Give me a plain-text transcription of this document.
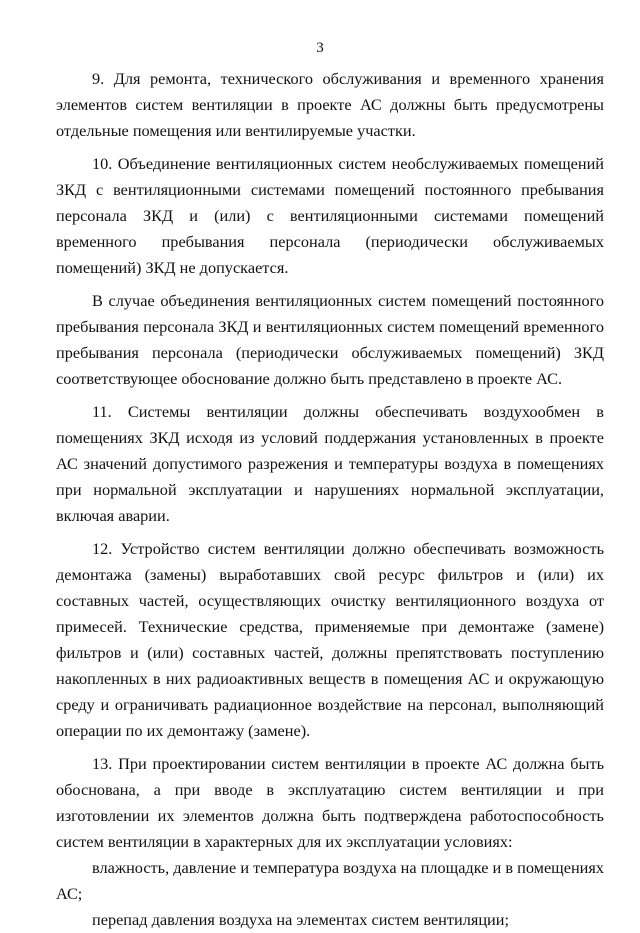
3

9. Для ремонта, технического обслуживания и временного хранения элементов систем вентиляции в проекте АС должны быть предусмотрены отдельные помещения или вентилируемые участки.

10. Объединение вентиляционных систем необслуживаемых помещений ЗКД с вентиляционными системами помещений постоянного пребывания персонала ЗКД и (или) с вентиляционными системами помещений временного пребывания персонала (периодически обслуживаемых помещений) ЗКД не допускается.

В случае объединения вентиляционных систем помещений постоянного пребывания персонала ЗКД и вентиляционных систем помещений временного пребывания персонала (периодически обслуживаемых помещений) ЗКД соответствующее обоснование должно быть представлено в проекте АС.

11. Системы вентиляции должны обеспечивать воздухообмен в помещениях ЗКД исходя из условий поддержания установленных в проекте АС значений допустимого разрежения и температуры воздуха в помещениях при нормальной эксплуатации и нарушениях нормальной эксплуатации, включая аварии.

12. Устройство систем вентиляции должно обеспечивать возможность демонтажа (замены) выработавших свой ресурс фильтров и (или) их составных частей, осуществляющих очистку вентиляционного воздуха от примесей. Технические средства, применяемые при демонтаже (замене) фильтров и (или) составных частей, должны препятствовать поступлению накопленных в них радиоактивных веществ в помещения АС и окружающую среду и ограничивать радиационное воздействие на персонал, выполняющий операции по их демонтажу (замене).

13. При проектировании систем вентиляции в проекте АС должна быть обоснована, а при вводе в эксплуатацию систем вентиляции и при изготовлении их элементов должна быть подтверждена работоспособность систем вентиляции в характерных для их эксплуатации условиях:

влажность, давление и температура воздуха на площадке и в помещениях АС;

перепад давления воздуха на элементах систем вентиляции;
